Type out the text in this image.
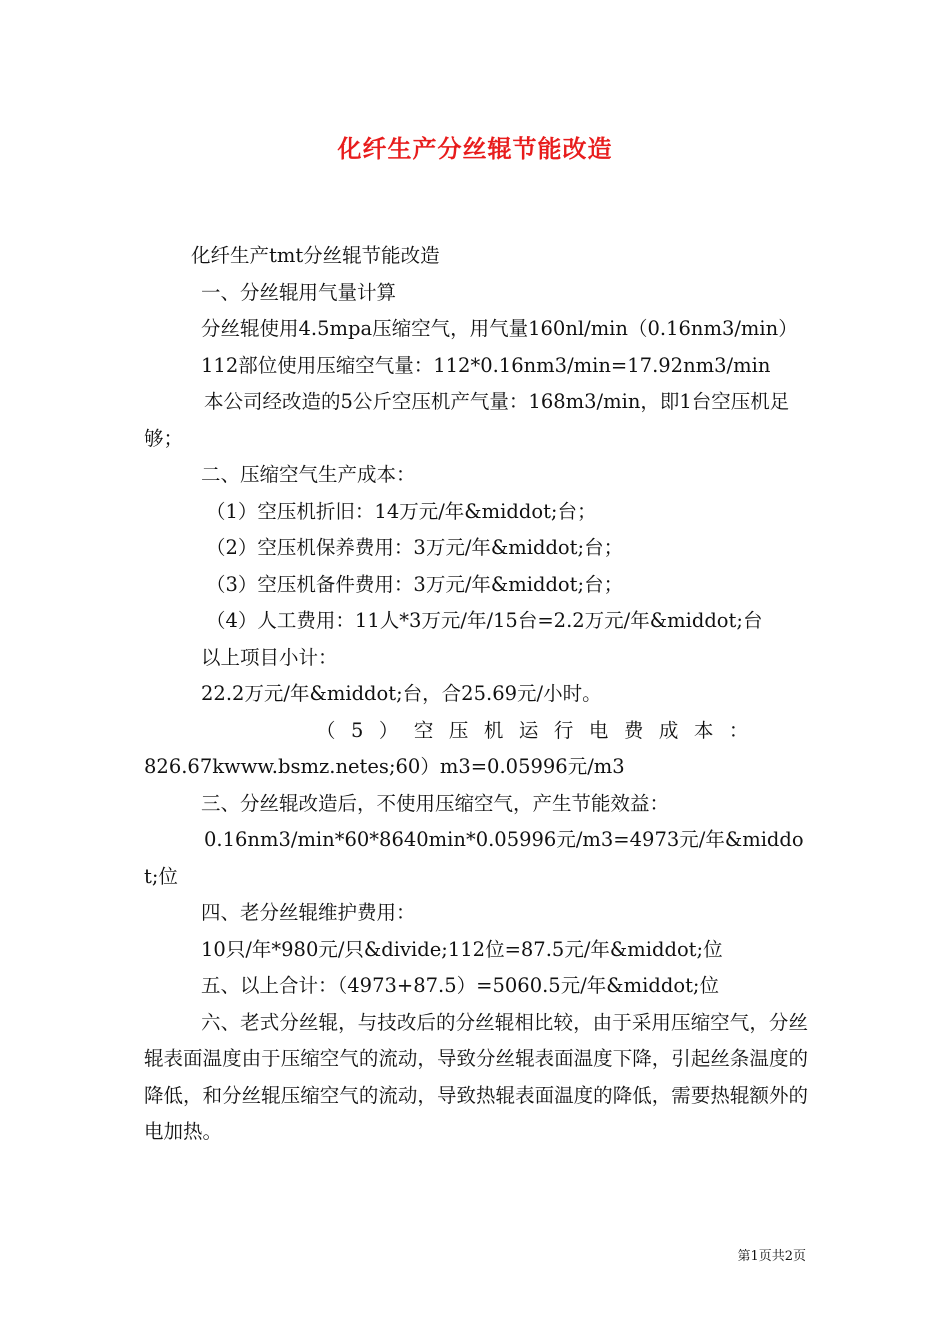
化纤生产分丝辊节能改造

化纤生产tmt分丝辊节能改造

一、分丝辊用气量计算

分丝辊使用4.5mpa压缩空气，用气量160nl/min（0.16nm3/min）

112部位使用压缩空气量：112*0.16nm3/min=17.92nm3/min

本公司经改造的5公斤空压机产气量：168m3/min，即1台空压机足够；

二、压缩空气生产成本：

（1）空压机折旧：14万元/年&middot;台；

（2）空压机保养费用：3万元/年&middot;台；

（3）空压机备件费用：3万元/年&middot;台；

（4）人工费用：11人*3万元/年/15台=2.2万元/年&middot;台

以上项目小计：

22.2万元/年&middot;台，合25.69元/小时。

（5）空压机运行电费成本：

826.67kwww.bsmz.netes;60）m3=0.05996元/m3

三、分丝辊改造后，不使用压缩空气，产生节能效益：

0.16nm3/min*60*8640min*0.05996元/m3=4973元/年&middot;位

四、老分丝辊维护费用：

10只/年*980元/只&divide;112位=87.5元/年&middot;位

五、以上合计：（4973+87.5）=5060.5元/年&middot;位

六、老式分丝辊，与技改后的分丝辊相比较，由于采用压缩空气，分丝辊表面温度由于压缩空气的流动，导致分丝辊表面温度下降，引起丝条温度的降低，和分丝辊压缩空气的流动，导致热辊表面温度的降低，需要热辊额外的电加热。

第1页共2页
